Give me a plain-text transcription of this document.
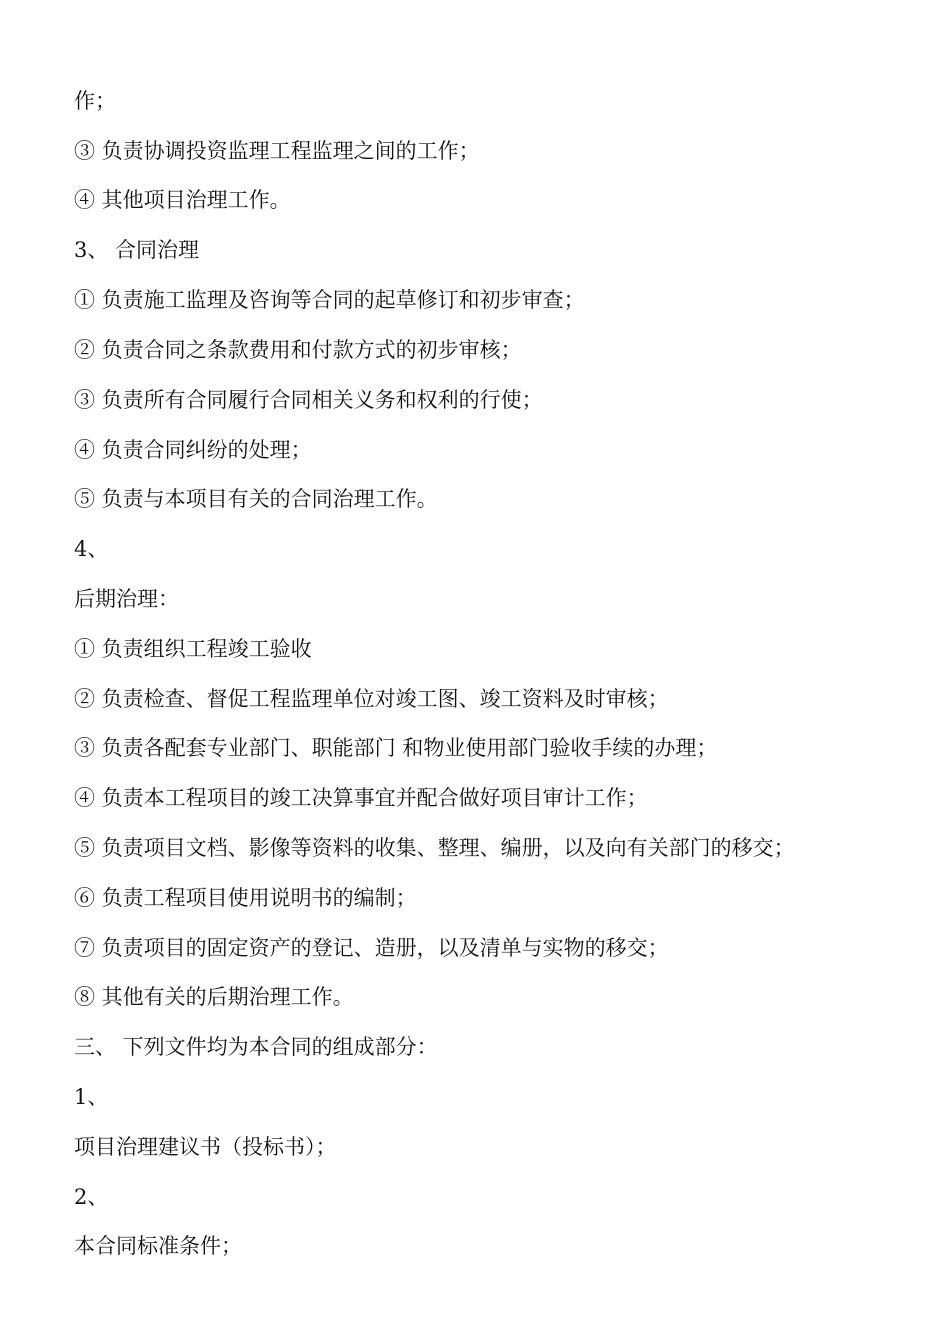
作；
③ 负责协调投资监理工程监理之间的工作；
④ 其他项目治理工作。
3、 合同治理
① 负责施工监理及咨询等合同的起草修订和初步审查；
② 负责合同之条款费用和付款方式的初步审核；
③ 负责所有合同履行合同相关义务和权利的行使；
④ 负责合同纠纷的处理；
⑤ 负责与本项目有关的合同治理工作。
4、
后期治理：
① 负责组织工程竣工验收
② 负责检查、督促工程监理单位对竣工图、竣工资料及时审核；
③ 负责各配套专业部门、职能部门 和物业使用部门验收手续的办理；
④ 负责本工程项目的竣工决算事宜并配合做好项目审计工作；
⑤ 负责项目文档、影像等资料的收集、整理、编册，以及向有关部门的移交；
⑥ 负责工程项目使用说明书的编制；
⑦ 负责项目的固定资产的登记、造册，以及清单与实物的移交；
⑧ 其他有关的后期治理工作。
三、 下列文件均为本合同的组成部分：
1、
项目治理建议书（投标书）；
2、
本合同标准条件；
